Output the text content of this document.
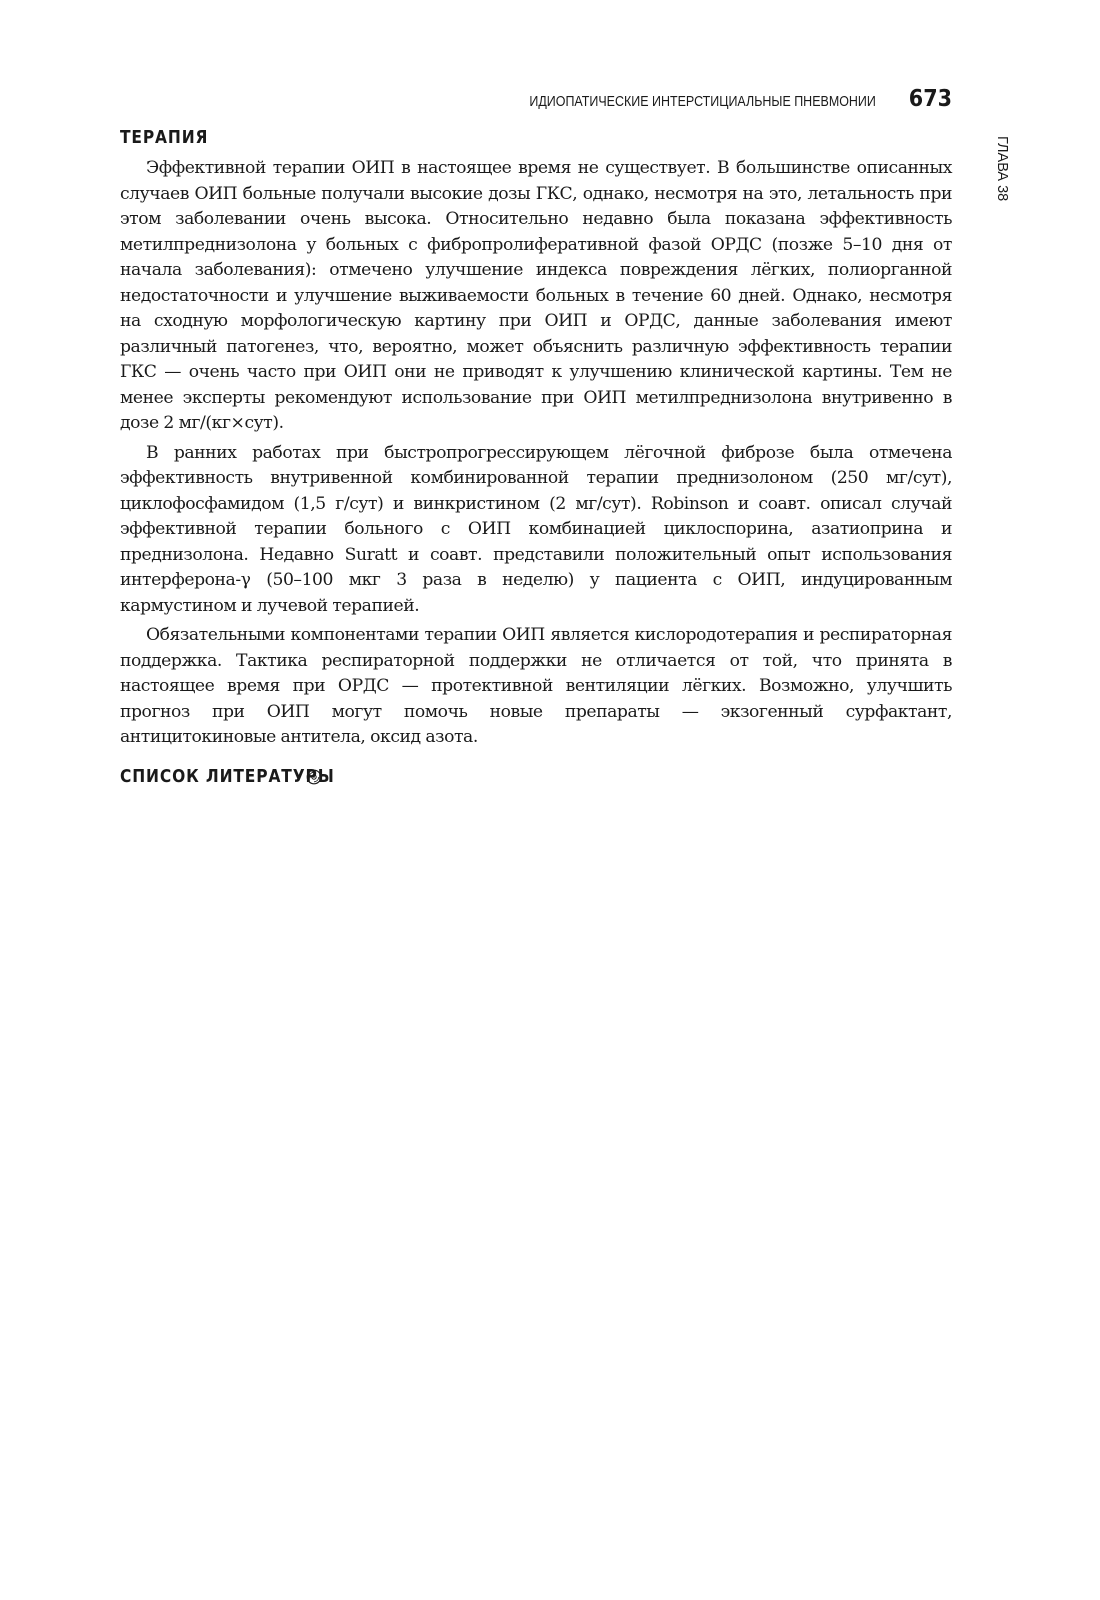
ИДИОПАТИЧЕСКИЕ ИНТЕРСТИЦИАЛЬНЫЕ ПНЕВМОНИИ 673
ГЛАВА 38
ТЕРАПИЯ

Эффективной терапии ОИП в настоящее время не существует. В большинстве описанных случаев ОИП больные получали высокие дозы ГКС, однако, несмотря на это, летальность при этом заболевании очень высока. Относительно недавно была показана эффективность метилпреднизолона у больных с фибропролиферативной фазой ОРДС (позже 5–10 дня от начала заболевания): отмечено улучшение индекса повреждения лёгких, полиорганной недостаточности и улучшение выживаемости больных в течение 60 дней. Однако, несмотря на сходную морфологическую картину при ОИП и ОРДС, данные заболевания имеют различный патогенез, что, вероятно, может объяснить различную эффективность терапии ГКС — очень часто при ОИП они не приводят к улучшению клинической картины. Тем не менее эксперты рекомендуют использование при ОИП метилпреднизолона внутривенно в дозе 2 мг/(кг×сут).

В ранних работах при быстропрогрессирующем лёгочной фиброзе была отмечена эффективность внутривенной комбинированной терапии преднизолоном (250 мг/сут), циклофосфамидом (1,5 г/сут) и винкристином (2 мг/сут). Robinson и соавт. описал случай эффективной терапии больного с ОИП комбинацией циклоспорина, азатиоприна и преднизолона. Недавно Suratt и соавт. представили положительный опыт использования интерферона-γ (50–100 мкг 3 раза в неделю) у пациента с ОИП, индуцированным кармустином и лучевой терапией.

Обязательными компонентами терапии ОИП является кислородотерапия и респираторная поддержка. Тактика респираторной поддержки не отличается от той, что принята в настоящее время при ОРДС — протективной вентиляции лёгких. Возможно, улучшить прогноз при ОИП могут помочь новые препараты — экзогенный сурфактант, антицитокиновые антитела, оксид азота.

СПИСОК ЛИТЕРАТУРЫ
